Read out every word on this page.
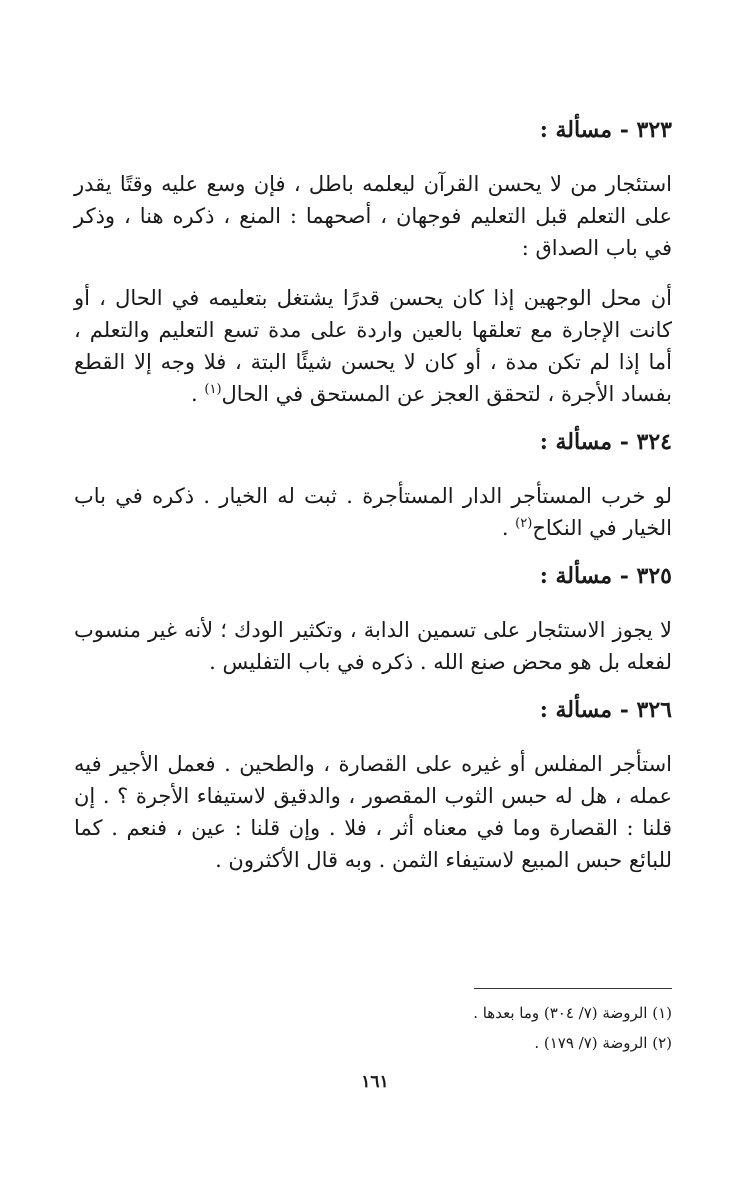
٣٢٣ - مسألة :

استئجار من لا يحسن القرآن ليعلمه باطل ، فإن وسع عليه وقتًا يقدر على التعلم قبل التعليم فوجهان ، أصحهما : المنع ، ذكره هنا ، وذكر في باب الصداق :

أن محل الوجهين إذا كان يحسن قدرًا يشتغل بتعليمه في الحال ، أو كانت الإجارة مع تعلقها بالعين واردة على مدة تسع التعليم والتعلم ، أما إذا لم تكن مدة ، أو كان لا يحسن شيئًا البتة ، فلا وجه إلا القطع بفساد الأجرة ، لتحقق العجز عن المستحق في الحال$^{(١)}$ .

٣٢٤ - مسألة :

لو خرب المستأجر الدار المستأجرة . ثبت له الخيار . ذكره في باب الخيار في النكاح$^{(٢)}$ .

٣٢٥ - مسألة :

لا يجوز الاستئجار على تسمين الدابة ، وتكثير الودك ؛ لأنه غير منسوب لفعله بل هو محض صنع الله . ذكره في باب التفليس .

٣٢٦ - مسألة :

استأجر المفلس أو غيره على القصارة ، والطحين . فعمل الأجير فيه عمله ، هل له حبس الثوب المقصور ، والدقيق لاستيفاء الأجرة ؟ . إن قلنا : القصارة وما في معناه أثر ، فلا . وإن قلنا : عين ، فنعم . كما للبائع حبس المبيع لاستيفاء الثمن . وبه قال الأكثرون .

(١) الروضة (٧/ ٣٠٤) وما بعدها .

(٢) الروضة (٧/ ١٧٩) .

١٦١
